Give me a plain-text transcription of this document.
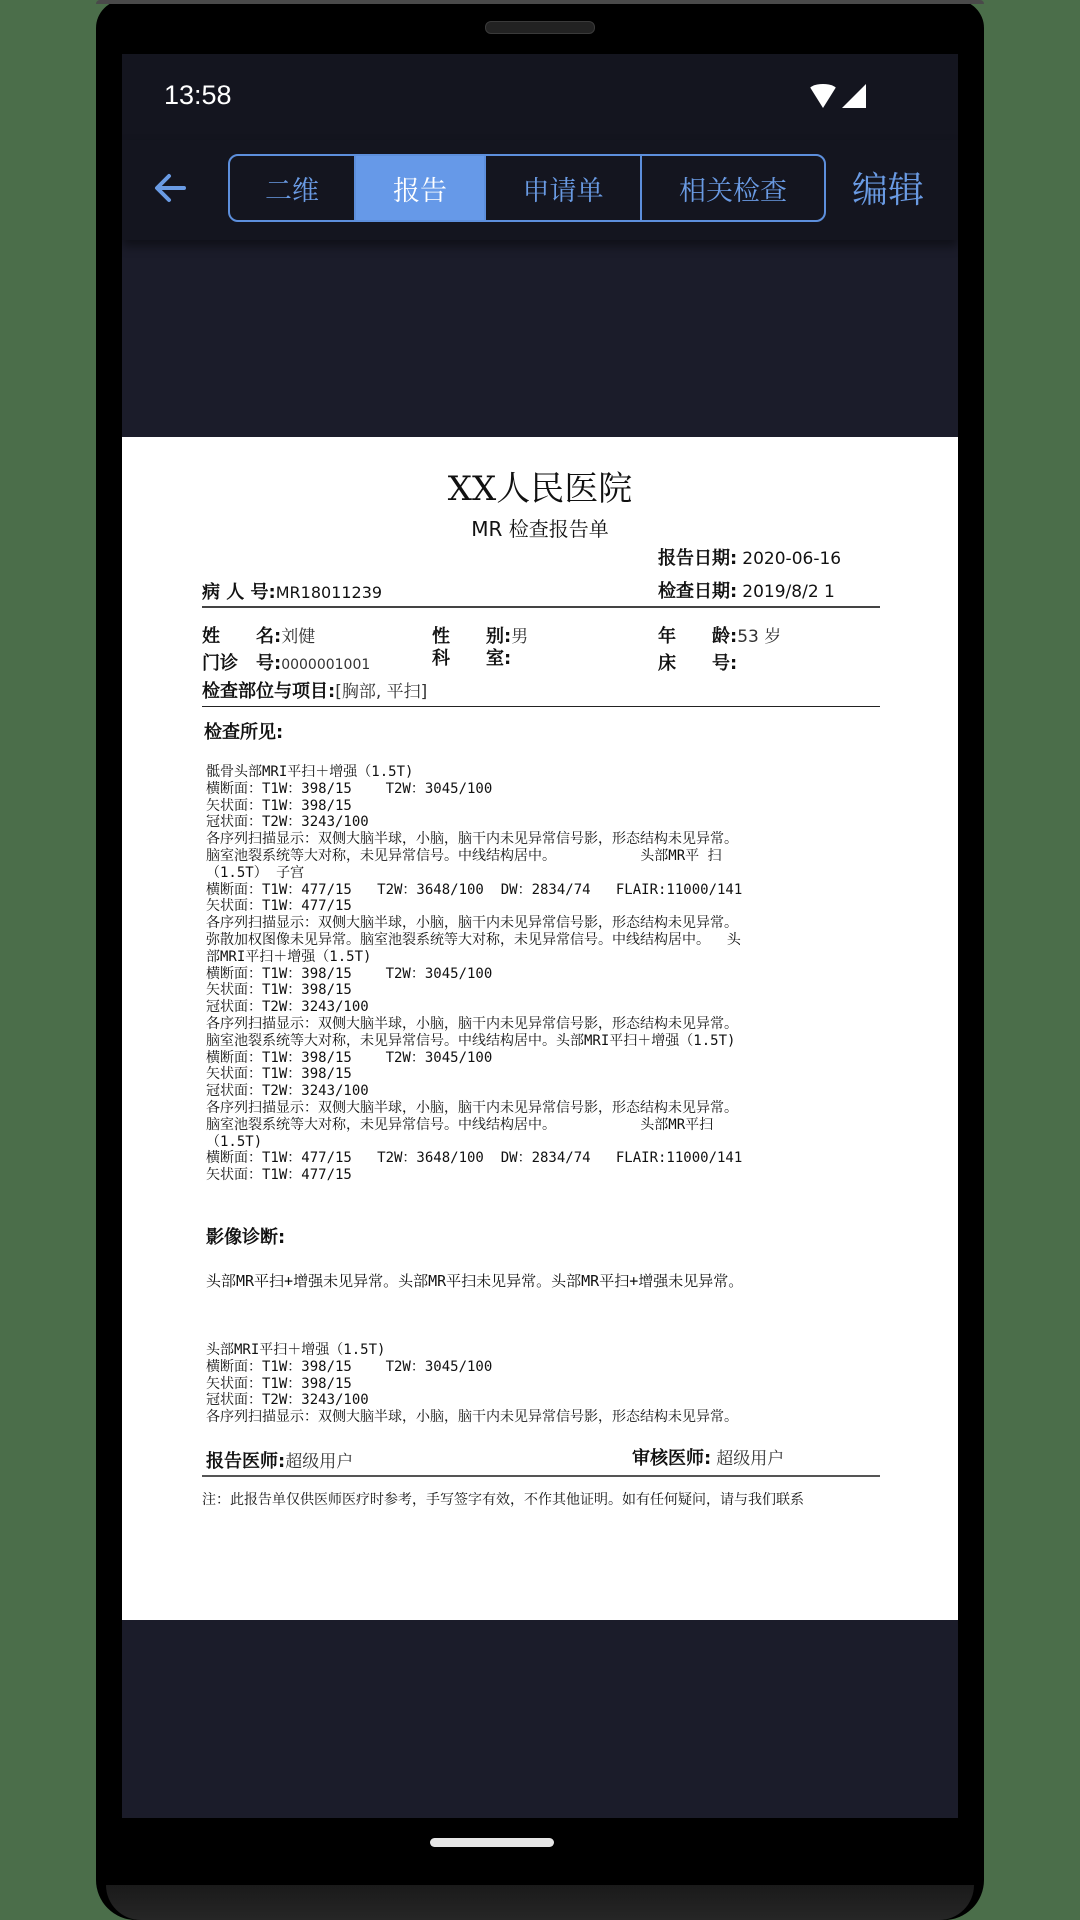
13:58
二维	报告	申请单	相关检查 编辑
XX人民医院
MR 检查报告单
报告日期: 2020-06-16
病 人 号:MR18011239	检查日期: 2019/8/2 1
姓　　名:刘健	性　　别:男	年　　龄:53 岁
门诊　号:0000001001	科　　室:	床　　号:
检查部位与项目:[胸部, 平扫]
检查所见:
骶骨头部MRI平扫＋增强（1.5T)
横断面：T1W：398/15    T2W：3045/100
矢状面：T1W：398/15
冠状面：T2W：3243/100
各序列扫描显示：双侧大脑半球，小脑，脑干内未见异常信号影，形态结构未见异常。
脑室池裂系统等大对称，未见异常信号。中线结构居中。          头部MR平 扫
（1.5T） 子宫
横断面：T1W：477/15   T2W：3648/100  DW：2834/74   FLAIR:11000/141
矢状面：T1W：477/15
各序列扫描显示：双侧大脑半球，小脑，脑干内未见异常信号影，形态结构未见异常。
弥散加权图像未见异常。脑室池裂系统等大对称，未见异常信号。中线结构居中。  头
部MRI平扫＋增强（1.5T)
横断面：T1W：398/15    T2W：3045/100
矢状面：T1W：398/15
冠状面：T2W：3243/100
各序列扫描显示：双侧大脑半球，小脑，脑干内未见异常信号影，形态结构未见异常。
脑室池裂系统等大对称，未见异常信号。中线结构居中。头部MRI平扫＋增强（1.5T)
横断面：T1W：398/15    T2W：3045/100
矢状面：T1W：398/15
冠状面：T2W：3243/100
各序列扫描显示：双侧大脑半球，小脑，脑干内未见异常信号影，形态结构未见异常。
脑室池裂系统等大对称，未见异常信号。中线结构居中。          头部MR平扫
（1.5T)
横断面：T1W：477/15   T2W：3648/100  DW：2834/74   FLAIR:11000/141
矢状面：T1W：477/15
影像诊断:
头部MR平扫+增强未见异常。头部MR平扫未见异常。头部MR平扫+增强未见异常。
头部MRI平扫＋增强（1.5T)
横断面：T1W：398/15    T2W：3045/100
矢状面：T1W：398/15
冠状面：T2W：3243/100
各序列扫描显示：双侧大脑半球，小脑，脑干内未见异常信号影，形态结构未见异常。
报告医师:超级用户	审核医师: 超级用户
注：此报告单仅供医师医疗时参考，手写签字有效，不作其他证明。如有任何疑问，请与我们联系
